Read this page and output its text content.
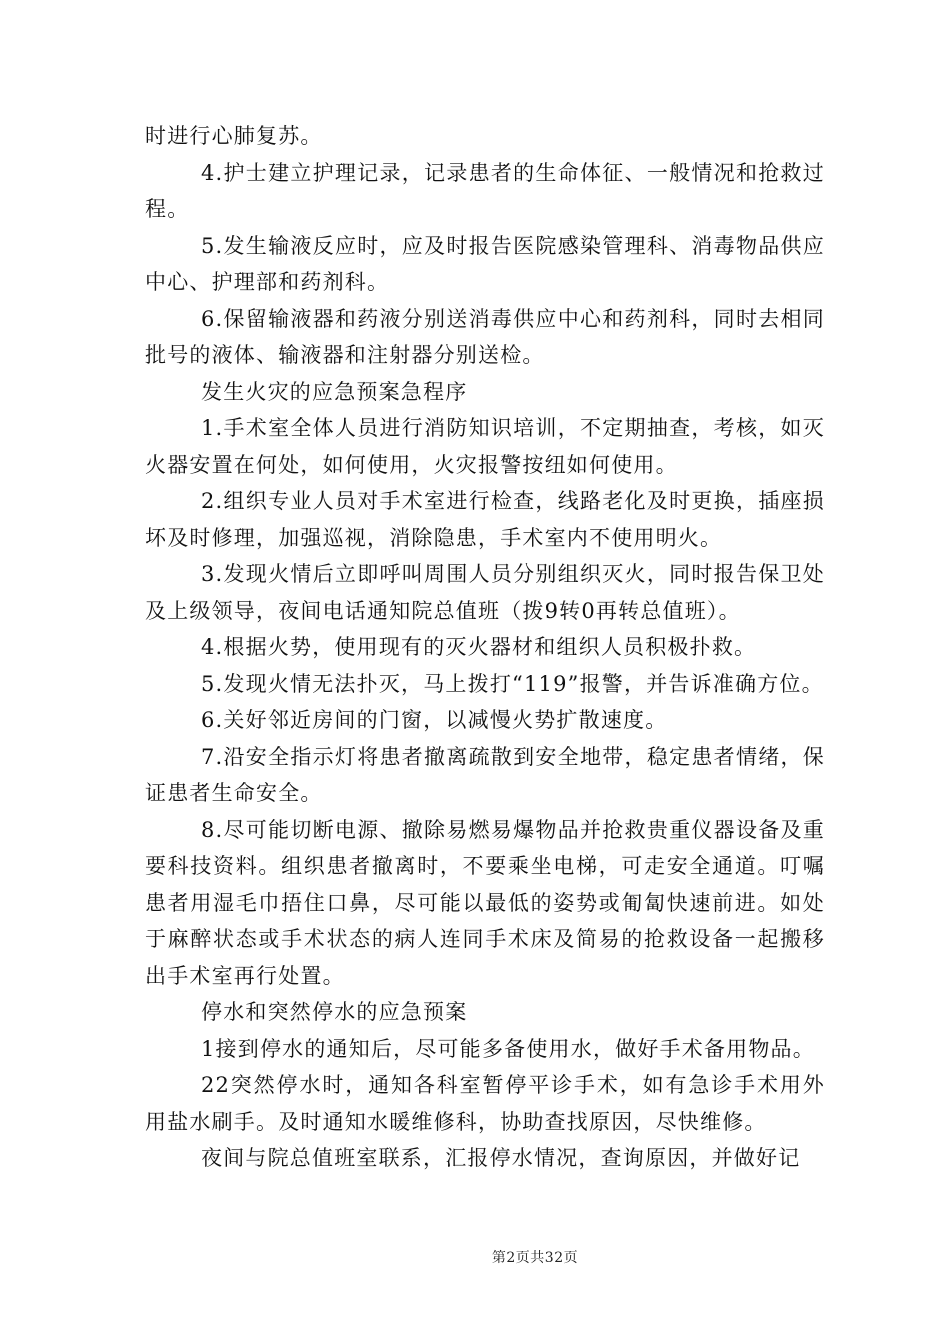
时进行心肺复苏。

4.护士建立护理记录，记录患者的生命体征、一般情况和抢救过程。

5.发生输液反应时，应及时报告医院感染管理科、消毒物品供应中心、护理部和药剂科。

6.保留输液器和药液分别送消毒供应中心和药剂科，同时去相同批号的液体、输液器和注射器分别送检。

发生火灾的应急预案急程序

1.手术室全体人员进行消防知识培训，不定期抽查，考核，如灭火器安置在何处，如何使用，火灾报警按纽如何使用。

2.组织专业人员对手术室进行检查，线路老化及时更换，插座损坏及时修理，加强巡视，消除隐患，手术室内不使用明火。

3.发现火情后立即呼叫周围人员分别组织灭火，同时报告保卫处及上级领导，夜间电话通知院总值班（拨9转0再转总值班）。

4.根据火势，使用现有的灭火器材和组织人员积极扑救。

5.发现火情无法扑灭，马上拨打“119”报警，并告诉准确方位。

6.关好邻近房间的门窗，以减慢火势扩散速度。

7.沿安全指示灯将患者撤离疏散到安全地带，稳定患者情绪，保证患者生命安全。

8.尽可能切断电源、撤除易燃易爆物品并抢救贵重仪器设备及重要科技资料。组织患者撤离时，不要乘坐电梯，可走安全通道。叮嘱患者用湿毛巾捂住口鼻，尽可能以最低的姿势或匍匐快速前进。如处于麻醉状态或手术状态的病人连同手术床及简易的抢救设备一起搬移出手术室再行处置。

停水和突然停水的应急预案

1接到停水的通知后，尽可能多备使用水，做好手术备用物品。

22突然停水时，通知各科室暂停平诊手术，如有急诊手术用外用盐水刷手。及时通知水暖维修科，协助查找原因，尽快维修。

夜间与院总值班室联系，汇报停水情况，查询原因，并做好记

第2页共32页
